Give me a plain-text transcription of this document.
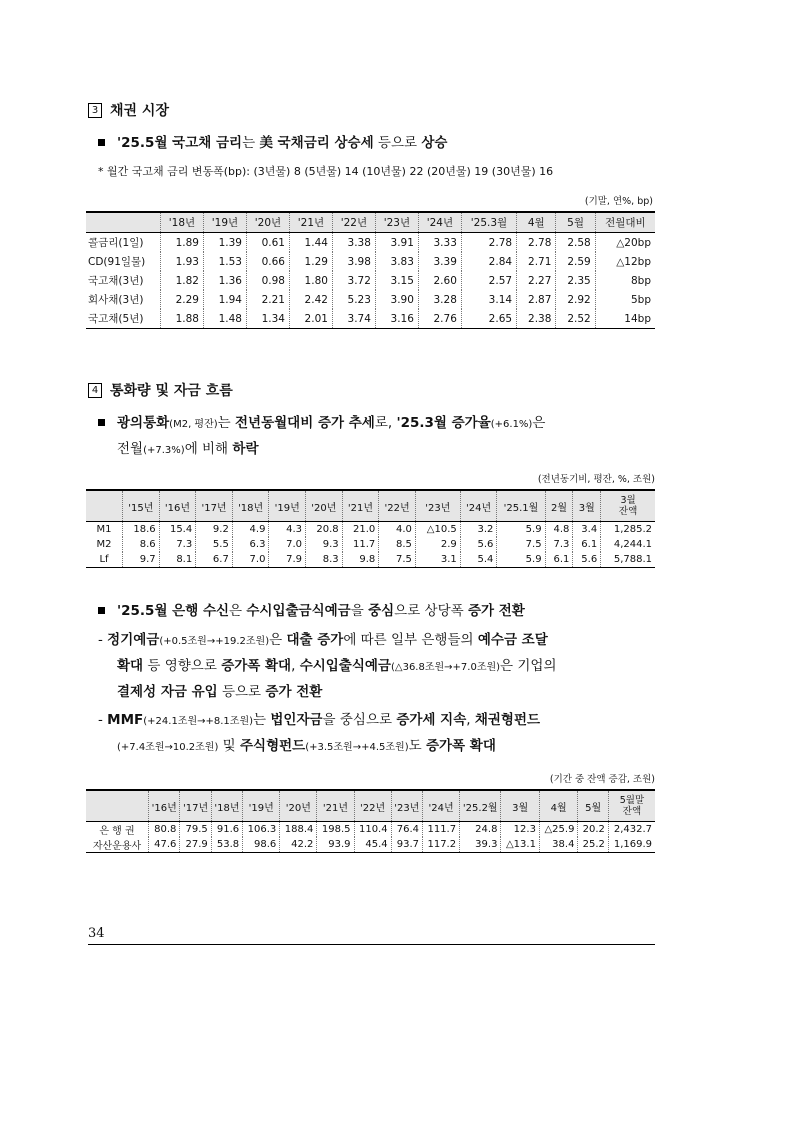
3 채권 시장
'25.5월 국고채 금리는 美 국채금리 상승세 등으로 상승
* 월간 국고채 금리 변동폭(bp): (3년물) 8 (5년물) 14 (10년물) 22 (20년물) 19 (30년물) 16
(기말, 연%, bp)
	'18년	'19년	'20년	'21년	'22년	'23년	'24년	'25.3월	4월	5월	전월대비
콜금리(1일)	1.89	1.39	0.61	1.44	3.38	3.91	3.33	2.78	2.78	2.58	△20bp
CD(91일물)	1.93	1.53	0.66	1.29	3.98	3.83	3.39	2.84	2.71	2.59	△12bp
국고채(3년)	1.82	1.36	0.98	1.80	3.72	3.15	2.60	2.57	2.27	2.35	8bp
회사채(3년)	2.29	1.94	2.21	2.42	5.23	3.90	3.28	3.14	2.87	2.92	5bp
국고채(5년)	1.88	1.48	1.34	2.01	3.74	3.16	2.76	2.65	2.38	2.52	14bp
4 통화량 및 자금 흐름
광의통화(M2, 평잔)는 전년동월대비 증가 추세로, '25.3월 증가율(+6.1%)은
전월(+7.3%)에 비해 하락
(전년동기비, 평잔, %, 조원)
	'15년	'16년	'17년	'18년	'19년	'20년	'21년	'22년	'23년	'24년	'25.1월	2월	3월	3월
잔액
M1	18.6	15.4	9.2	4.9	4.3	20.8	21.0	4.0	△10.5	3.2	5.9	4.8	3.4	1,285.2
M2	8.6	7.3	5.5	6.3	7.0	9.3	11.7	8.5	2.9	5.6	7.5	7.3	6.1	4,244.1
Lf	9.7	8.1	6.7	7.0	7.9	8.3	9.8	7.5	3.1	5.4	5.9	6.1	5.6	5,788.1
'25.5월 은행 수신은 수시입출금식예금을 중심으로 상당폭 증가 전환
- 정기예금(+0.5조원→+19.2조원)은 대출 증가에 따른 일부 은행들의 예수금 조달
확대 등 영향으로 증가폭 확대, 수시입출식예금(△36.8조원→+7.0조원)은 기업의
결제성 자금 유입 등으로 증가 전환
- MMF(+24.1조원→+8.1조원)는 법인자금을 중심으로 증가세 지속, 채권형펀드
(+7.4조원→10.2조원) 및 주식형펀드(+3.5조원→+4.5조원)도 증가폭 확대
(기간 중 잔액 증감, 조원)
	'16년	'17년	'18년	'19년	'20년	'21년	'22년	'23년	'24년	'25.2월	3월	4월	5월	5월말
잔액
은 행 권	80.8	79.5	91.6	106.3	188.4	198.5	110.4	76.4	111.7	24.8	12.3	△25.9	20.2	2,432.7
자산운용사	47.6	27.9	53.8	98.6	42.2	93.9	45.4	93.7	117.2	39.3	△13.1	38.4	25.2	1,169.9
34
